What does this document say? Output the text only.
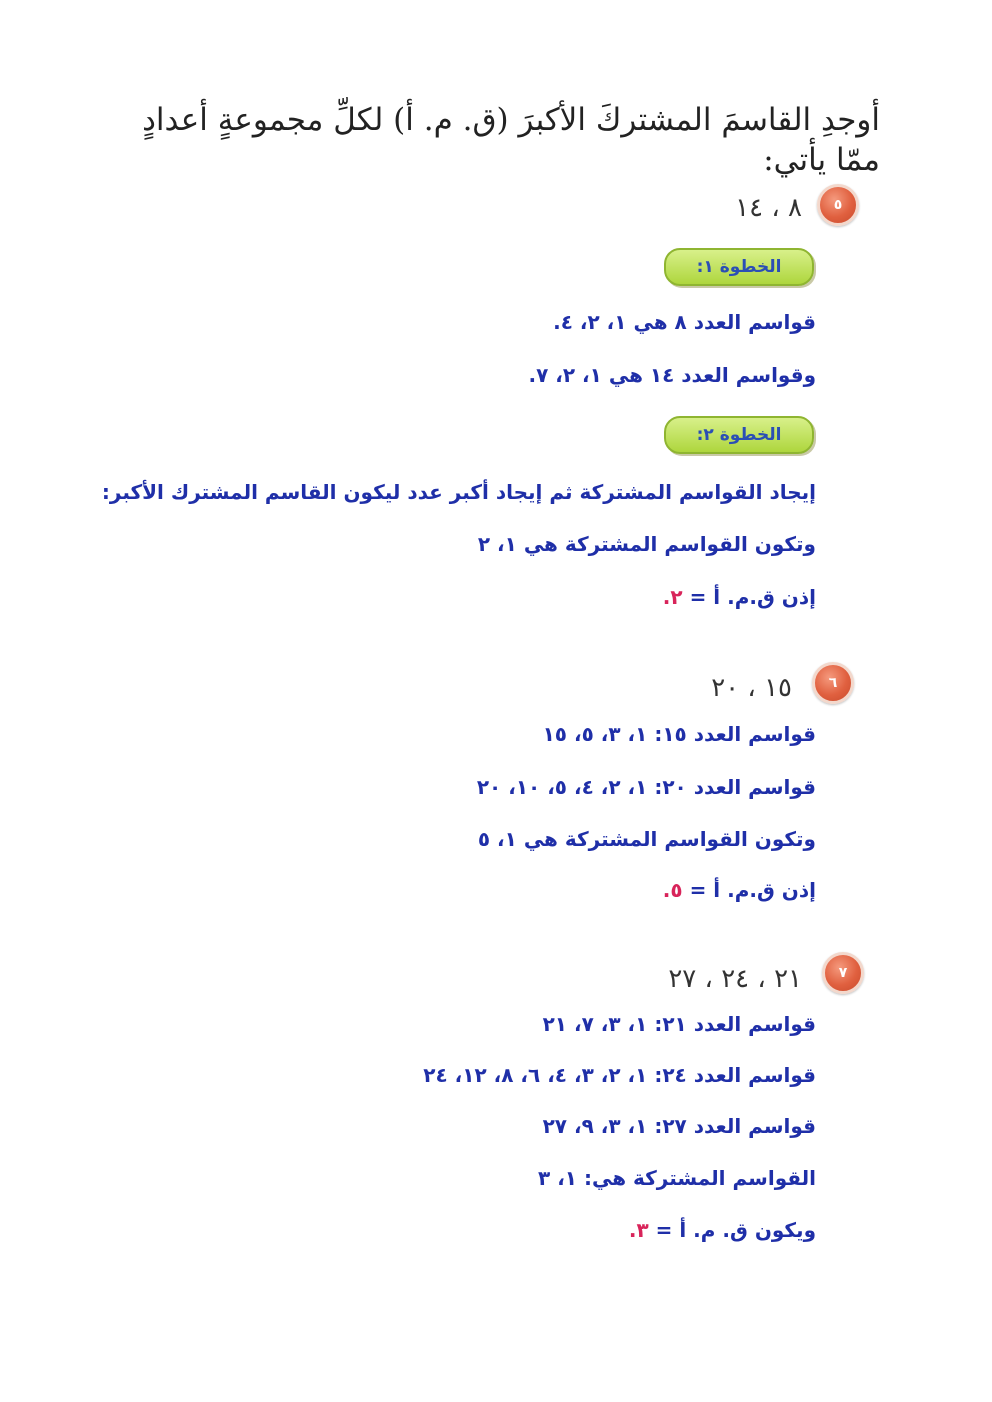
أوجدِ القاسمَ المشتركَ الأكبرَ (ق. م. أ) لكلِّ مجموعةٍ أعدادٍ ممّا يأتي:
٥
٨ ، ١٤
الخطوة ١:
قواسم العدد ٨ هي ١، ٢، ٤.
وقواسم العدد ١٤ هي ١، ٢، ٧.
الخطوة ٢:
إيجاد القواسم المشتركة ثم إيجاد أكبر عدد ليكون القاسم المشترك الأكبر:
وتكون القواسم المشتركة هي ١، ٢
إذن ق.م. أ = ٢.
٦
١٥ ، ٢٠
قواسم العدد ١٥: ١، ٣، ٥، ١٥
قواسم العدد ٢٠: ١، ٢، ٤، ٥، ١٠، ٢٠
وتكون القواسم المشتركة هي ١، ٥
إذن ق.م. أ = ٥.
٧
٢١ ، ٢٤ ، ٢٧
قواسم العدد ٢١: ١، ٣، ٧، ٢١
قواسم العدد ٢٤: ١، ٢، ٣، ٤، ٦، ٨، ١٢، ٢٤
قواسم العدد ٢٧: ١، ٣، ٩، ٢٧
القواسم المشتركة هي: ١، ٣
ويكون ق. م. أ = ٣.
